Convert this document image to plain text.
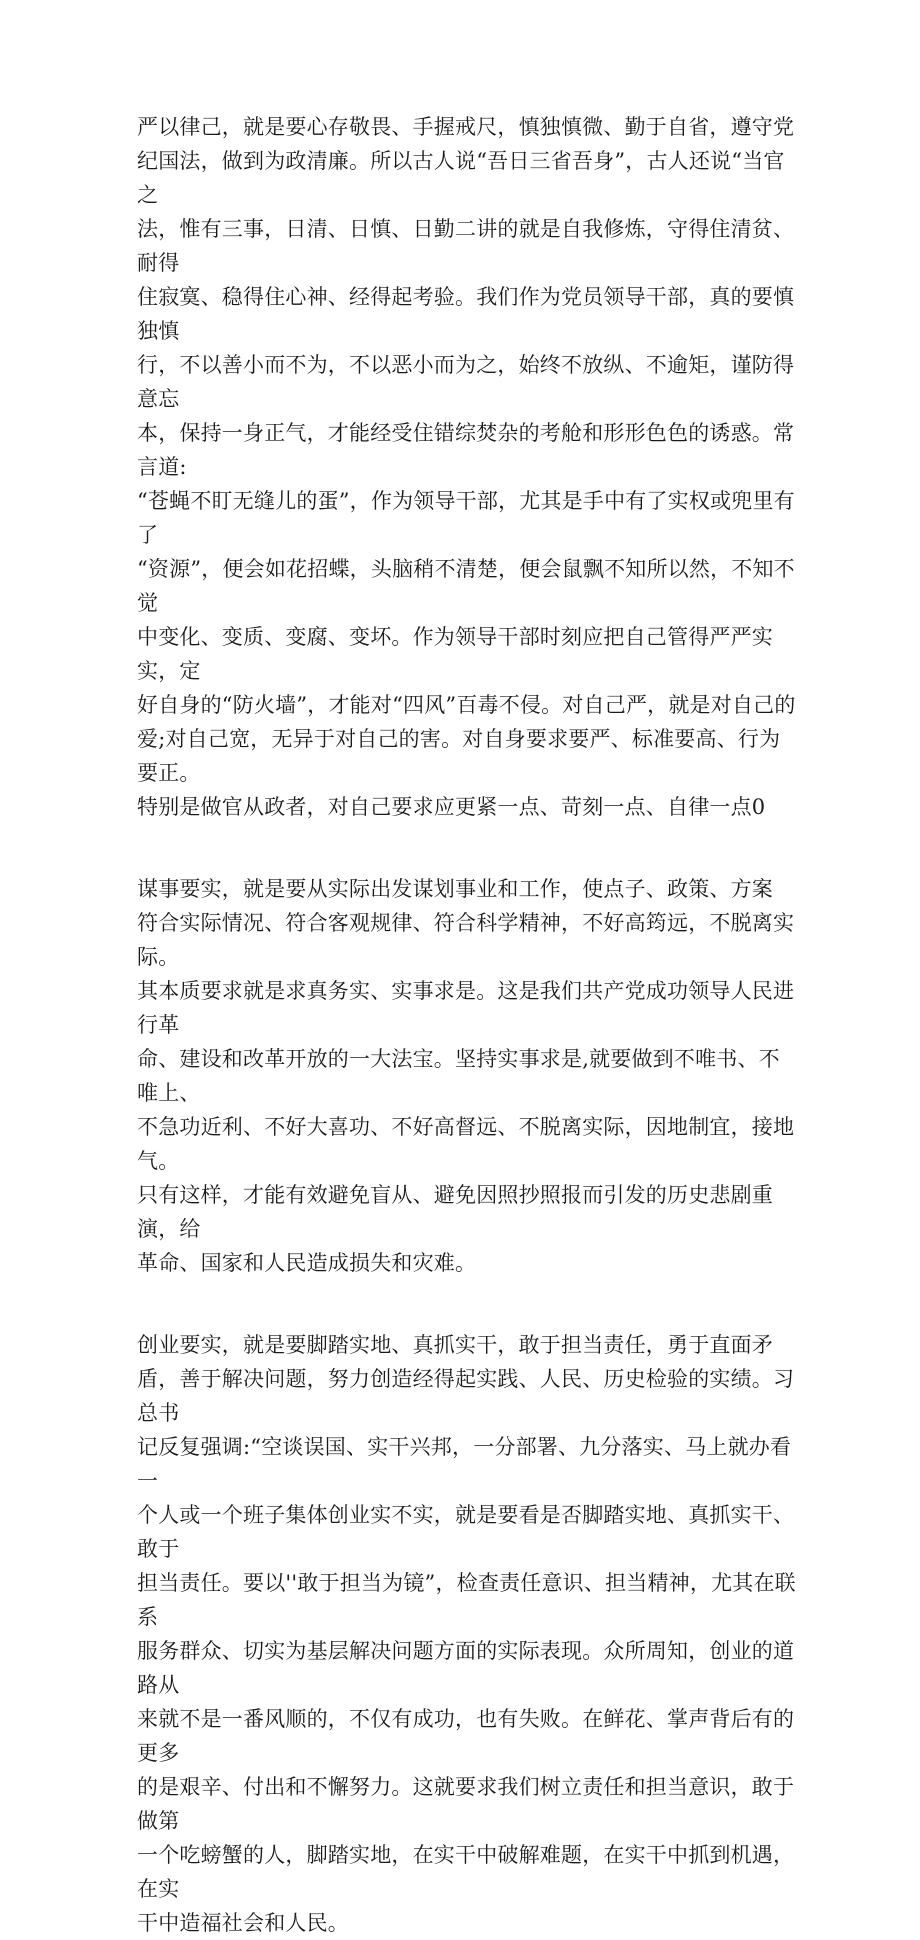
严以律己，就是要心存敬畏、手握戒尺，慎独慎微、勤于自省，遵守党
纪国法，做到为政清廉。所以古人说“吾日三省吾身”，古人还说“当官之
法，惟有三事，日清、日慎、日勤二讲的就是自我修炼，守得住清贫、耐得
住寂寞、稳得住心神、经得起考验。我们作为党员领导干部，真的要慎独慎
行，不以善小而不为，不以恶小而为之，始终不放纵、不逾矩，谨防得意忘
本，保持一身正气，才能经受住错综焚杂的考舱和形形色色的诱惑。常言道:
“苍蝇不盯无缝儿的蛋”，作为领导干部，尤其是手中有了实权或兜里有了
“资源”，便会如花招蝶，头脑稍不清楚，便会鼠飘不知所以然，不知不觉
中变化、变质、变腐、变坏。作为领导干部时刻应把自己管得严严实实，定
好自身的“防火墙”，才能对“四风”百毒不侵。对自己严，就是对自己的
爱;对自己宽，无异于对自己的害。对自身要求要严、标准要高、行为要正。
特别是做官从政者，对自己要求应更紧一点、苛刻一点、自律一点0

谋事要实，就是要从实际出发谋划事业和工作，使点子、政策、方案
符合实际情况、符合客观规律、符合科学精神，不好高筠远，不脱离实际。
其本质要求就是求真务实、实事求是。这是我们共产党成功领导人民进行革
命、建设和改革开放的一大法宝。坚持实事求是,就要做到不唯书、不唯上、
不急功近利、不好大喜功、不好高督远、不脱离实际，因地制宜，接地气。
只有这样，才能有效避免盲从、避免因照抄照报而引发的历史悲剧重演，给
革命、国家和人民造成损失和灾难。

创业要实，就是要脚踏实地、真抓实干，敢于担当责任，勇于直面矛
盾，善于解决问题，努力创造经得起实践、人民、历史检验的实绩。习总书
记反复强调:“空谈误国、实干兴邦，一分部署、九分落实、马上就办看一
个人或一个班子集体创业实不实，就是要看是否脚踏实地、真抓实干、敢于
担当责任。要以''敢于担当为镜”，检查责任意识、担当精神，尤其在联系
服务群众、切实为基层解决问题方面的实际表现。众所周知，创业的道路从
来就不是一番风顺的，不仅有成功，也有失败。在鲜花、掌声背后有的更多
的是艰辛、付出和不懈努力。这就要求我们树立责任和担当意识，敢于做第
一个吃螃蟹的人，脚踏实地，在实干中破解难题，在实干中抓到机遇，在实
干中造福社会和人民。
